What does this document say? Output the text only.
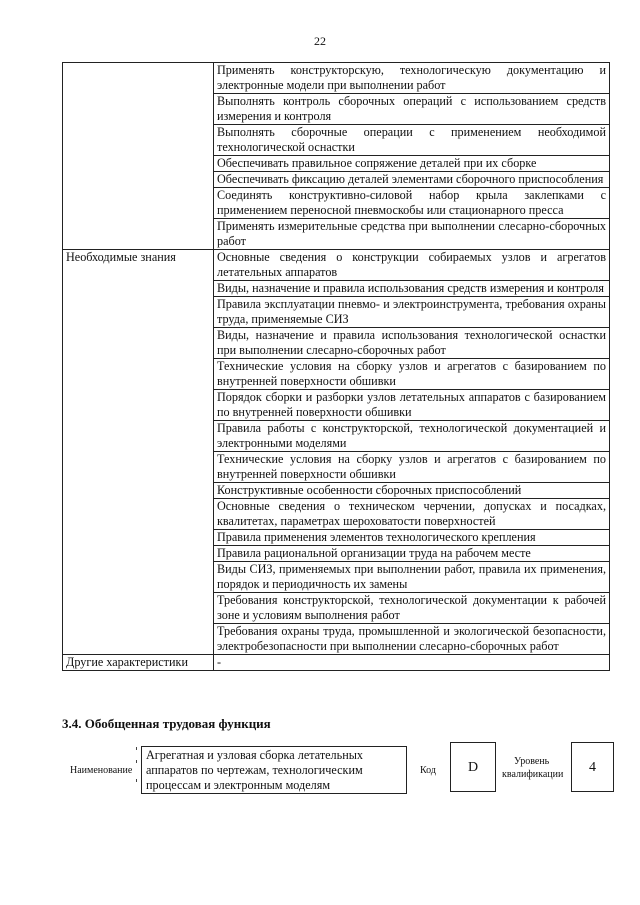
22
	Применять конструкторскую, технологическую документацию и электронные модели при выполнении работ
	Выполнять контроль сборочных операций с использованием средств измерения и контроля
	Выполнять сборочные операции с применением необходимой технологической оснастки
	Обеспечивать правильное сопряжение деталей при их сборке
	Обеспечивать фиксацию деталей элементами сборочного приспособления
	Соединять конструктивно-силовой набор крыла заклепками с применением переносной пневмоскобы или стационарного пресса
	Применять измерительные средства при выполнении слесарно-сборочных работ
Необходимые знания	Основные сведения о конструкции собираемых узлов и агрегатов летательных аппаратов
	Виды, назначение и правила использования средств измерения и контроля
	Правила эксплуатации пневмо- и электроинструмента, требования охраны труда, применяемые СИЗ
	Виды, назначение и правила использования технологической оснастки при выполнении слесарно-сборочных работ
	Технические условия на сборку узлов и агрегатов с базированием по внутренней поверхности обшивки
	Порядок сборки и разборки узлов летательных аппаратов с базированием по внутренней поверхности обшивки
	Правила работы с конструкторской, технологической документацией и электронными моделями
	Технические условия на сборку узлов и агрегатов с базированием по внутренней поверхности обшивки
	Конструктивные особенности сборочных приспособлений
	Основные сведения о техническом черчении, допусках и посадках, квалитетах, параметрах шероховатости поверхностей
	Правила применения элементов технологического крепления
	Правила рациональной организации труда на рабочем месте
	Виды СИЗ, применяемых при выполнении работ, правила их применения, порядок и периодичность их замены
	Требования конструкторской, технологической документации к рабочей зоне и условиям выполнения работ
	Требования охраны труда, промышленной и экологической безопасности, электробезопасности при выполнении слесарно-сборочных работ
Другие характеристики	-
3.4. Обобщенная трудовая функция
Наименование
Агрегатная и узловая сборка летательных аппаратов по чертежам, технологическим процессам и электронным моделям
Код	D	Уровень
квалификации	4
